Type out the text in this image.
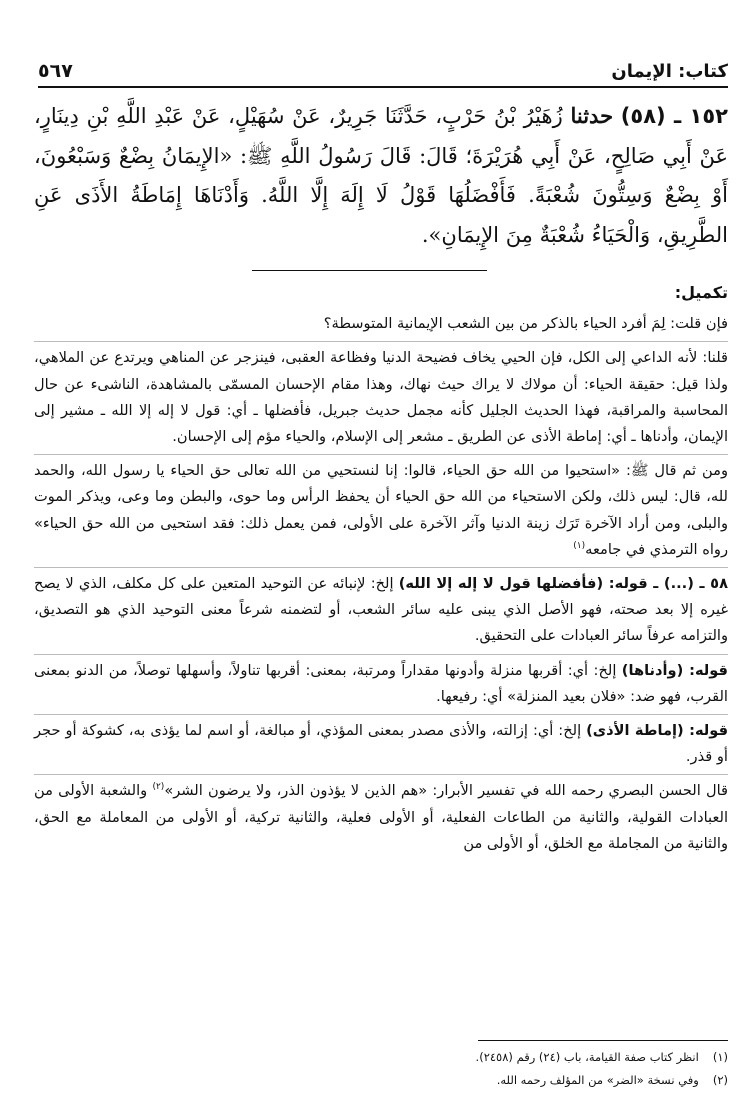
كتاب: الإيمان
٥٦٧
١٥٢ ـ (٥٨) حدثنا زُهَيْرُ بْنُ حَرْبٍ، حَدَّثَنَا جَرِيرٌ، عَنْ سُهَيْلٍ، عَنْ عَبْدِ اللَّهِ بْنِ دِينَارٍ، عَنْ أَبِي صَالِحٍ، عَنْ أَبِي هُرَيْرَةَ؛ قَالَ: قَالَ رَسُولُ اللَّهِ ﷺ: «الإِيمَانُ بِضْعٌ وَسَبْعُونَ، أَوْ بِضْعٌ وَسِتُّونَ شُعْبَةً. فَأَفْضَلُهَا قَوْلُ لَا إِلَهَ إِلَّا اللَّهُ. وَأَدْنَاهَا إِمَاطَةُ الأَذَى عَنِ الطَّرِيقِ، وَالْحَيَاءُ شُعْبَةٌ مِنَ الإِيمَانِ».

تكميل:

فإن قلت: لِمَ أفرد الحياء بالذكر من بين الشعب الإيمانية المتوسطة؟

قلنا: لأنه الداعي إلى الكل، فإن الحيي يخاف فضيحة الدنيا وفظاعة العقبى، فينزجر عن المناهي ويرتدع عن الملاهي، ولذا قيل: حقيقة الحياء: أن مولاك لا يراك حيث نهاك، وهذا مقام الإحسان المسمّى بالمشاهدة، الناشىء عن حال المحاسبة والمراقبة، فهذا الحديث الجليل كأنه مجمل حديث جبريل، فأفضلها ـ أي: قول لا إله إلا الله ـ مشير إلى الإيمان، وأدناها ـ أي: إماطة الأذى عن الطريق ـ مشعر إلى الإسلام، والحياء مؤم إلى الإحسان.

ومن ثم قال ﷺ: «استحيوا من الله حق الحياء، قالوا: إنا لنستحيي من الله تعالى حق الحياء يا رسول الله، والحمد لله، قال: ليس ذلك، ولكن الاستحياء من الله حق الحياء أن يحفظ الرأس وما حوى، والبطن وما وعى، ويذكر الموت والبلى، ومن أراد الآخرة تَرَك زينة الدنيا وآثر الآخرة على الأولى، فمن يعمل ذلك: فقد استحيى من الله حق الحياء» رواه الترمذي في جامعه$^{(١)}$

٥٨ ـ (...) ـ قوله: (فأفضلها قول لا إله إلا الله) إلخ: لإنبائه عن التوحيد المتعين على كل مكلف، الذي لا يصح غيره إلا بعد صحته، فهو الأصل الذي يبنى عليه سائر الشعب، أو لتضمنه شرعاً معنى التوحيد الذي هو التصديق، والتزامه عرفاً سائر العبادات على التحقيق.

قوله: (وأدناها) إلخ: أي: أقربها منزلة وأدونها مقداراً ومرتبة، بمعنى: أقربها تناولاً، وأسهلها توصلاً، من الدنو بمعنى القرب، فهو ضد: «فلان بعيد المنزلة» أي: رفيعها.

قوله: (إماطة الأذى) إلخ: أي: إزالته، والأذى مصدر بمعنى المؤذي، أو مبالغة، أو اسم لما يؤذى به، كشوكة أو حجر أو قذر.

قال الحسن البصري رحمه الله في تفسير الأبرار: «هم الذين لا يؤذون الذر، ولا يرضون الشر»$^{(٢)}$ والشعبة الأولى من العبادات القولية، والثانية من الطاعات الفعلية، أو الأولى فعلية، والثانية تركية، أو الأولى من المعاملة مع الحق، والثانية من المجاملة مع الخلق، أو الأولى من

(١)
انظر كتاب صفة القيامة، باب (٢٤) رقم (٢٤٥٨).
(٢)
وفي نسخة «الضر» من المؤلف رحمه الله.
